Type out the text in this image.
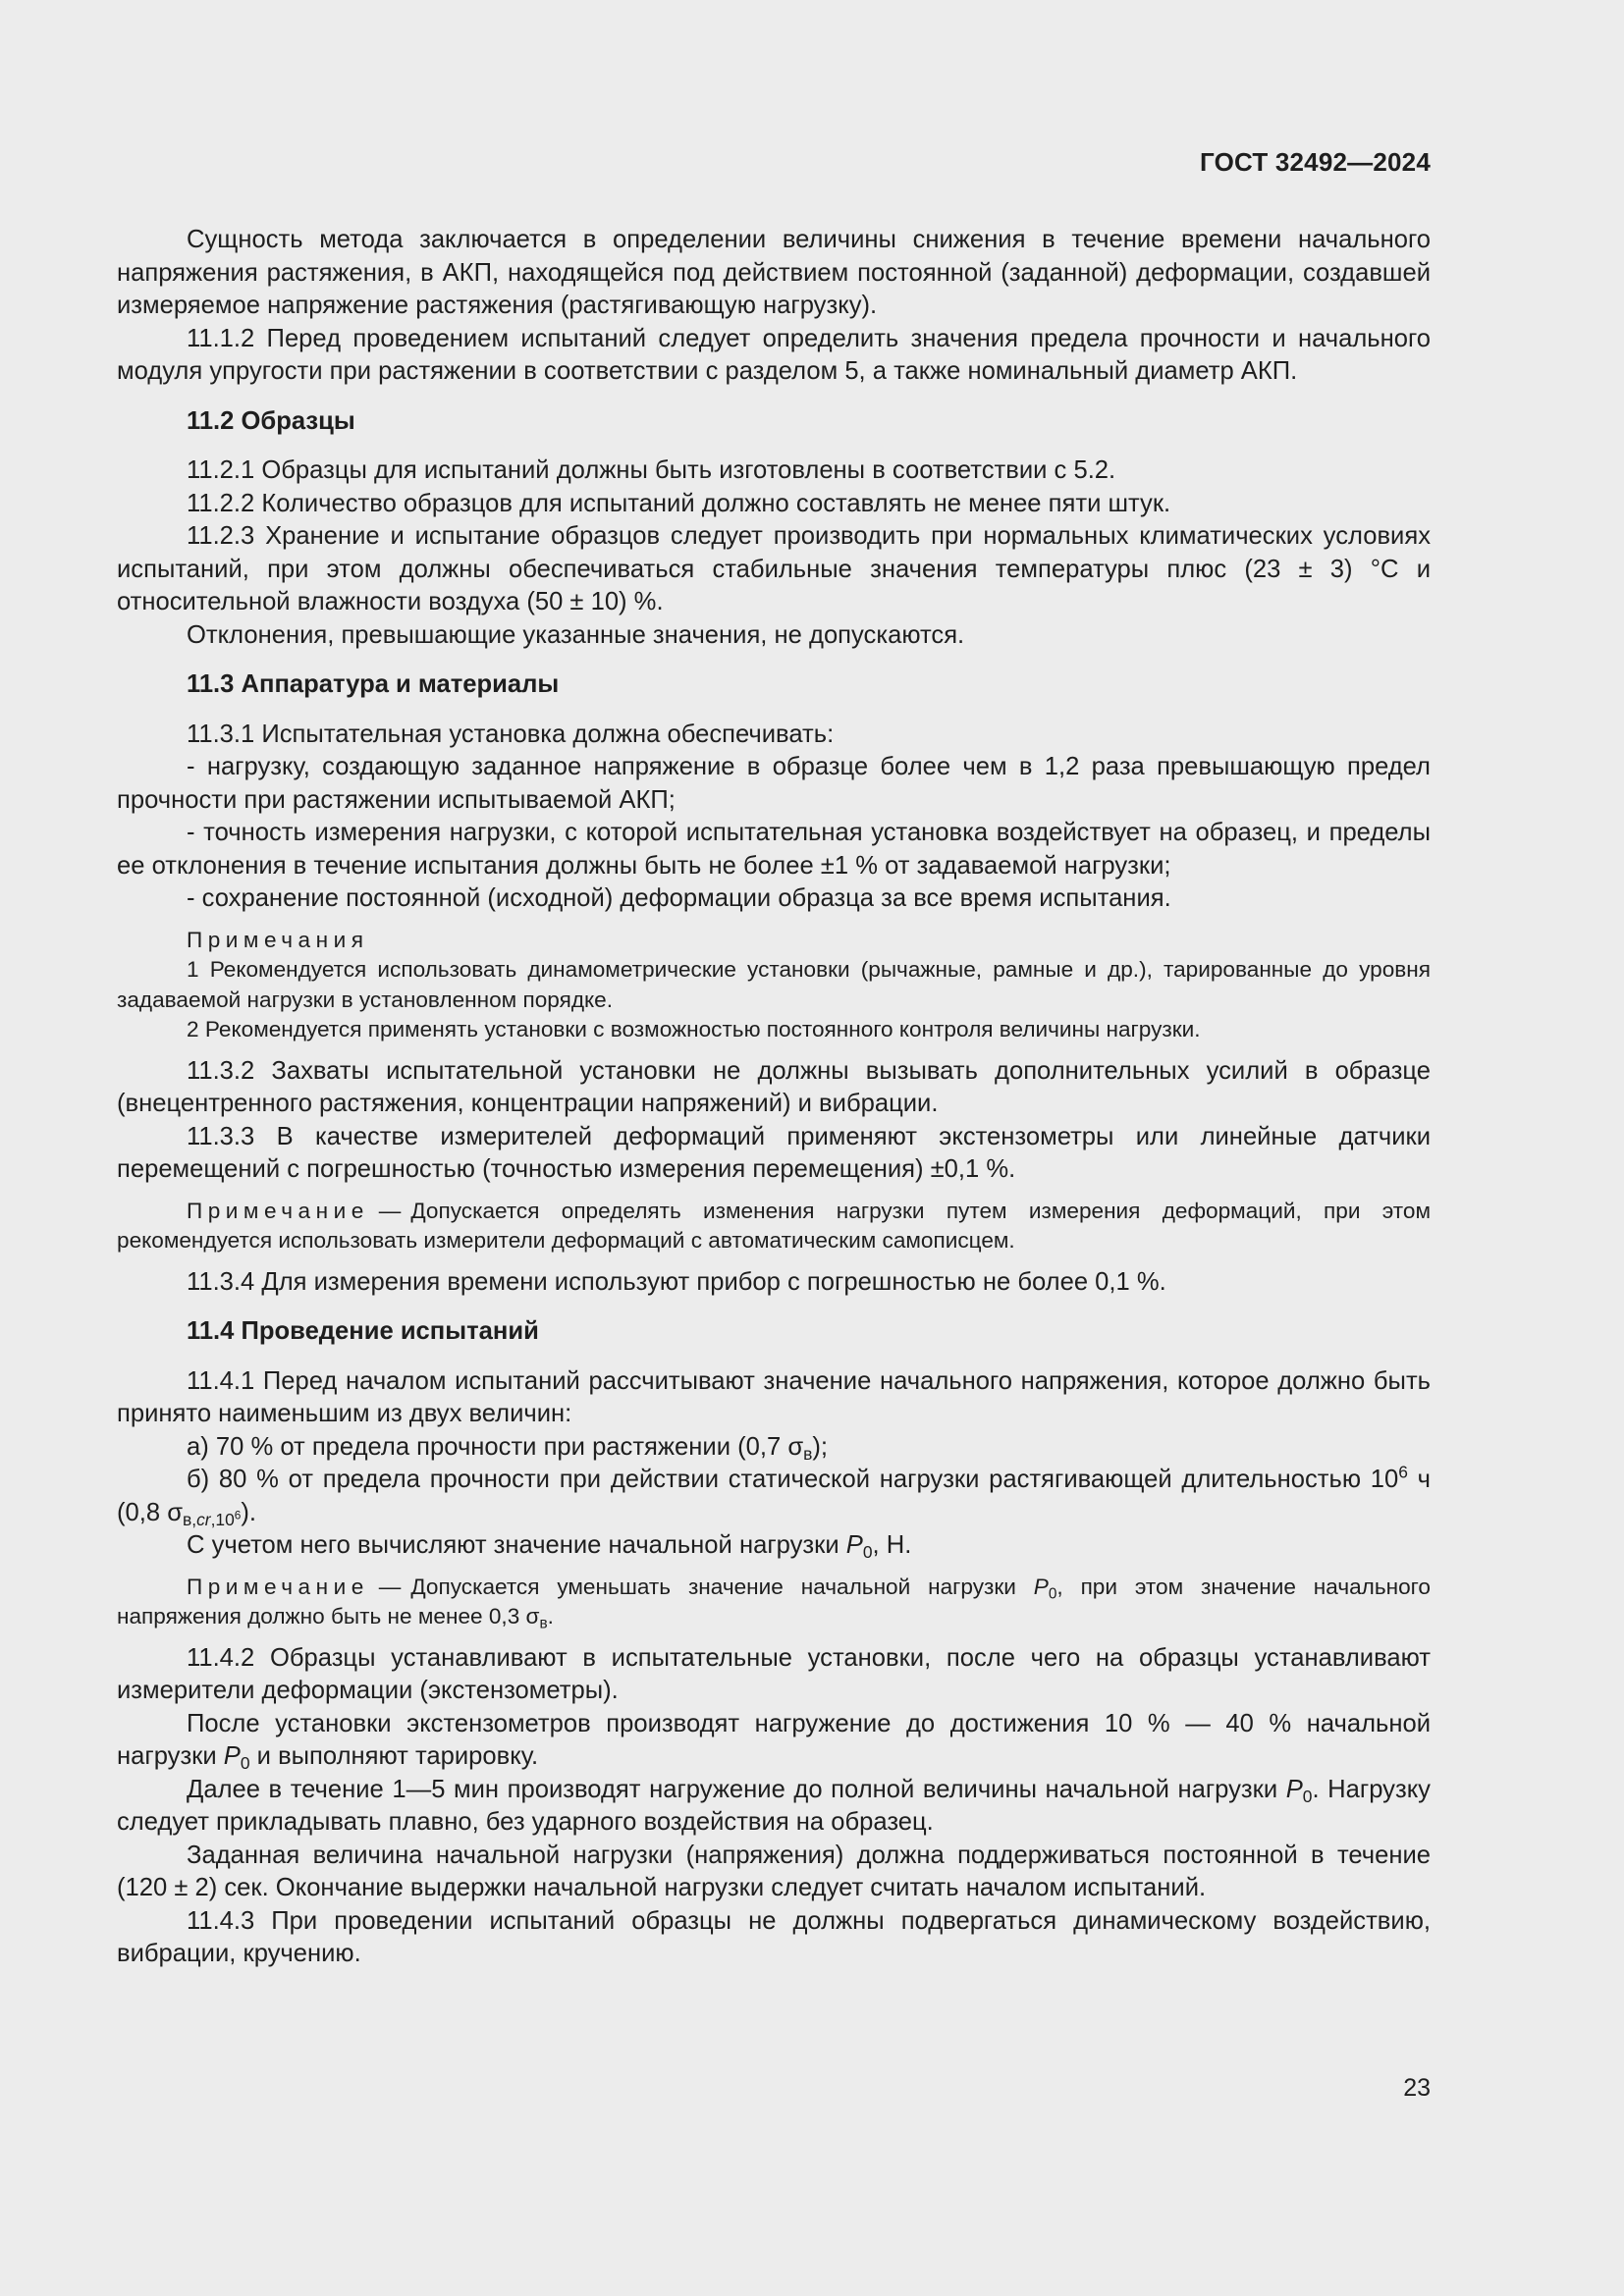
ГОСТ 32492—2024

Сущность метода заключается в определении величины снижения в течение времени начального напряжения растяжения, в АКП, находящейся под действием постоянной (заданной) деформации, создавшей измеряемое напряжение растяжения (растягивающую нагрузку).

11.1.2 Перед проведением испытаний следует определить значения предела прочности и начального модуля упругости при растяжении в соответствии с разделом 5, а также номинальный диаметр АКП.

11.2 Образцы

11.2.1 Образцы для испытаний должны быть изготовлены в соответствии с 5.2.

11.2.2 Количество образцов для испытаний должно составлять не менее пяти штук.

11.2.3 Хранение и испытание образцов следует производить при нормальных климатических условиях испытаний, при этом должны обеспечиваться стабильные значения температуры плюс (23 ± 3) °С и относительной влажности воздуха (50 ± 10) %.

Отклонения, превышающие указанные значения, не допускаются.

11.3 Аппаратура и материалы

11.3.1 Испытательная установка должна обеспечивать:

- нагрузку, создающую заданное напряжение в образце более чем в 1,2 раза превышающую предел прочности при растяжении испытываемой АКП;

- точность измерения нагрузки, с которой испытательная установка воздействует на образец, и пределы ее отклонения в течение испытания должны быть не более ±1 % от задаваемой нагрузки;

- сохранение постоянной (исходной) деформации образца за все время испытания.

Примечания

1 Рекомендуется использовать динамометрические установки (рычажные, рамные и др.), тарированные до уровня задаваемой нагрузки в установленном порядке.

2 Рекомендуется применять установки с возможностью постоянного контроля величины нагрузки.

11.3.2 Захваты испытательной установки не должны вызывать дополнительных усилий в образце (внецентренного растяжения, концентрации напряжений) и вибрации.

11.3.3 В качестве измерителей деформаций применяют экстензометры или линейные датчики перемещений с погрешностью (точностью измерения перемещения) ±0,1 %.

Примечание — Допускается определять изменения нагрузки путем измерения деформаций, при этом рекомендуется использовать измерители деформаций с автоматическим самописцем.

11.3.4 Для измерения времени используют прибор с погрешностью не более 0,1 %.

11.4 Проведение испытаний

11.4.1 Перед началом испытаний рассчитывают значение начального напряжения, которое должно быть принято наименьшим из двух величин:

а) 70 % от предела прочности при растяжении (0,7 $\sigma_в$);

б) 80 % от предела прочности при действии статической нагрузки растягивающей длительностью $10^6$ ч (0,8 $\sigma_{в,cr,10^6}$).

С учетом него вычисляют значение начальной нагрузки $P_0$, Н.

Примечание — Допускается уменьшать значение начальной нагрузки $P_0$, при этом значение начального напряжения должно быть не менее 0,3 $\sigma_в$.

11.4.2 Образцы устанавливают в испытательные установки, после чего на образцы устанавливают измерители деформации (экстензометры).

После установки экстензометров производят нагружение до достижения 10 % — 40 % начальной нагрузки $P_0$ и выполняют тарировку.

Далее в течение 1—5 мин производят нагружение до полной величины начальной нагрузки $P_0$. Нагрузку следует прикладывать плавно, без ударного воздействия на образец.

Заданная величина начальной нагрузки (напряжения) должна поддерживаться постоянной в течение (120 ± 2) сек. Окончание выдержки начальной нагрузки следует считать началом испытаний.

11.4.3 При проведении испытаний образцы не должны подвергаться динамическому воздействию, вибрации, кручению.

23
